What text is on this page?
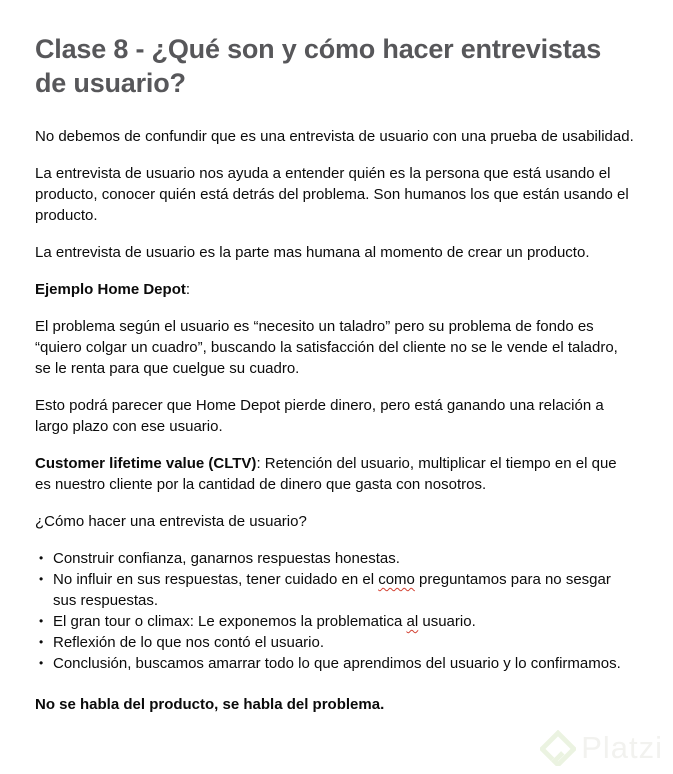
Clase 8 - ¿Qué son y cómo hacer entrevistas de usuario?

No debemos de confundir que es una entrevista de usuario con una prueba de usabilidad.

La entrevista de usuario nos ayuda a entender quién es la persona que está usando el producto, conocer quién está detrás del problema. Son humanos los que están usando el producto.

La entrevista de usuario es la parte mas humana al momento de crear un producto.

Ejemplo Home Depot:

El problema según el usuario es “necesito un taladro” pero su problema de fondo es “quiero colgar un cuadro”, buscando la satisfacción del cliente no se le vende el taladro, se le renta para que cuelgue su cuadro.

Esto podrá parecer que Home Depot pierde dinero, pero está ganando una relación a largo plazo con ese usuario.

Customer lifetime value (CLTV): Retención del usuario, multiplicar el tiempo en el que es nuestro cliente por la cantidad de dinero que gasta con nosotros.

¿Cómo hacer una entrevista de usuario?

• Construir confianza, ganarnos respuestas honestas.
• No influir en sus respuestas, tener cuidado en el como preguntamos para no sesgar sus respuestas.
• El gran tour o climax: Le exponemos la problematica al usuario.
• Reflexión de lo que nos contó el usuario.
• Conclusión, buscamos amarrar todo lo que aprendimos del usuario y lo confirmamos.

No se habla del producto, se habla del problema.

Platzi
